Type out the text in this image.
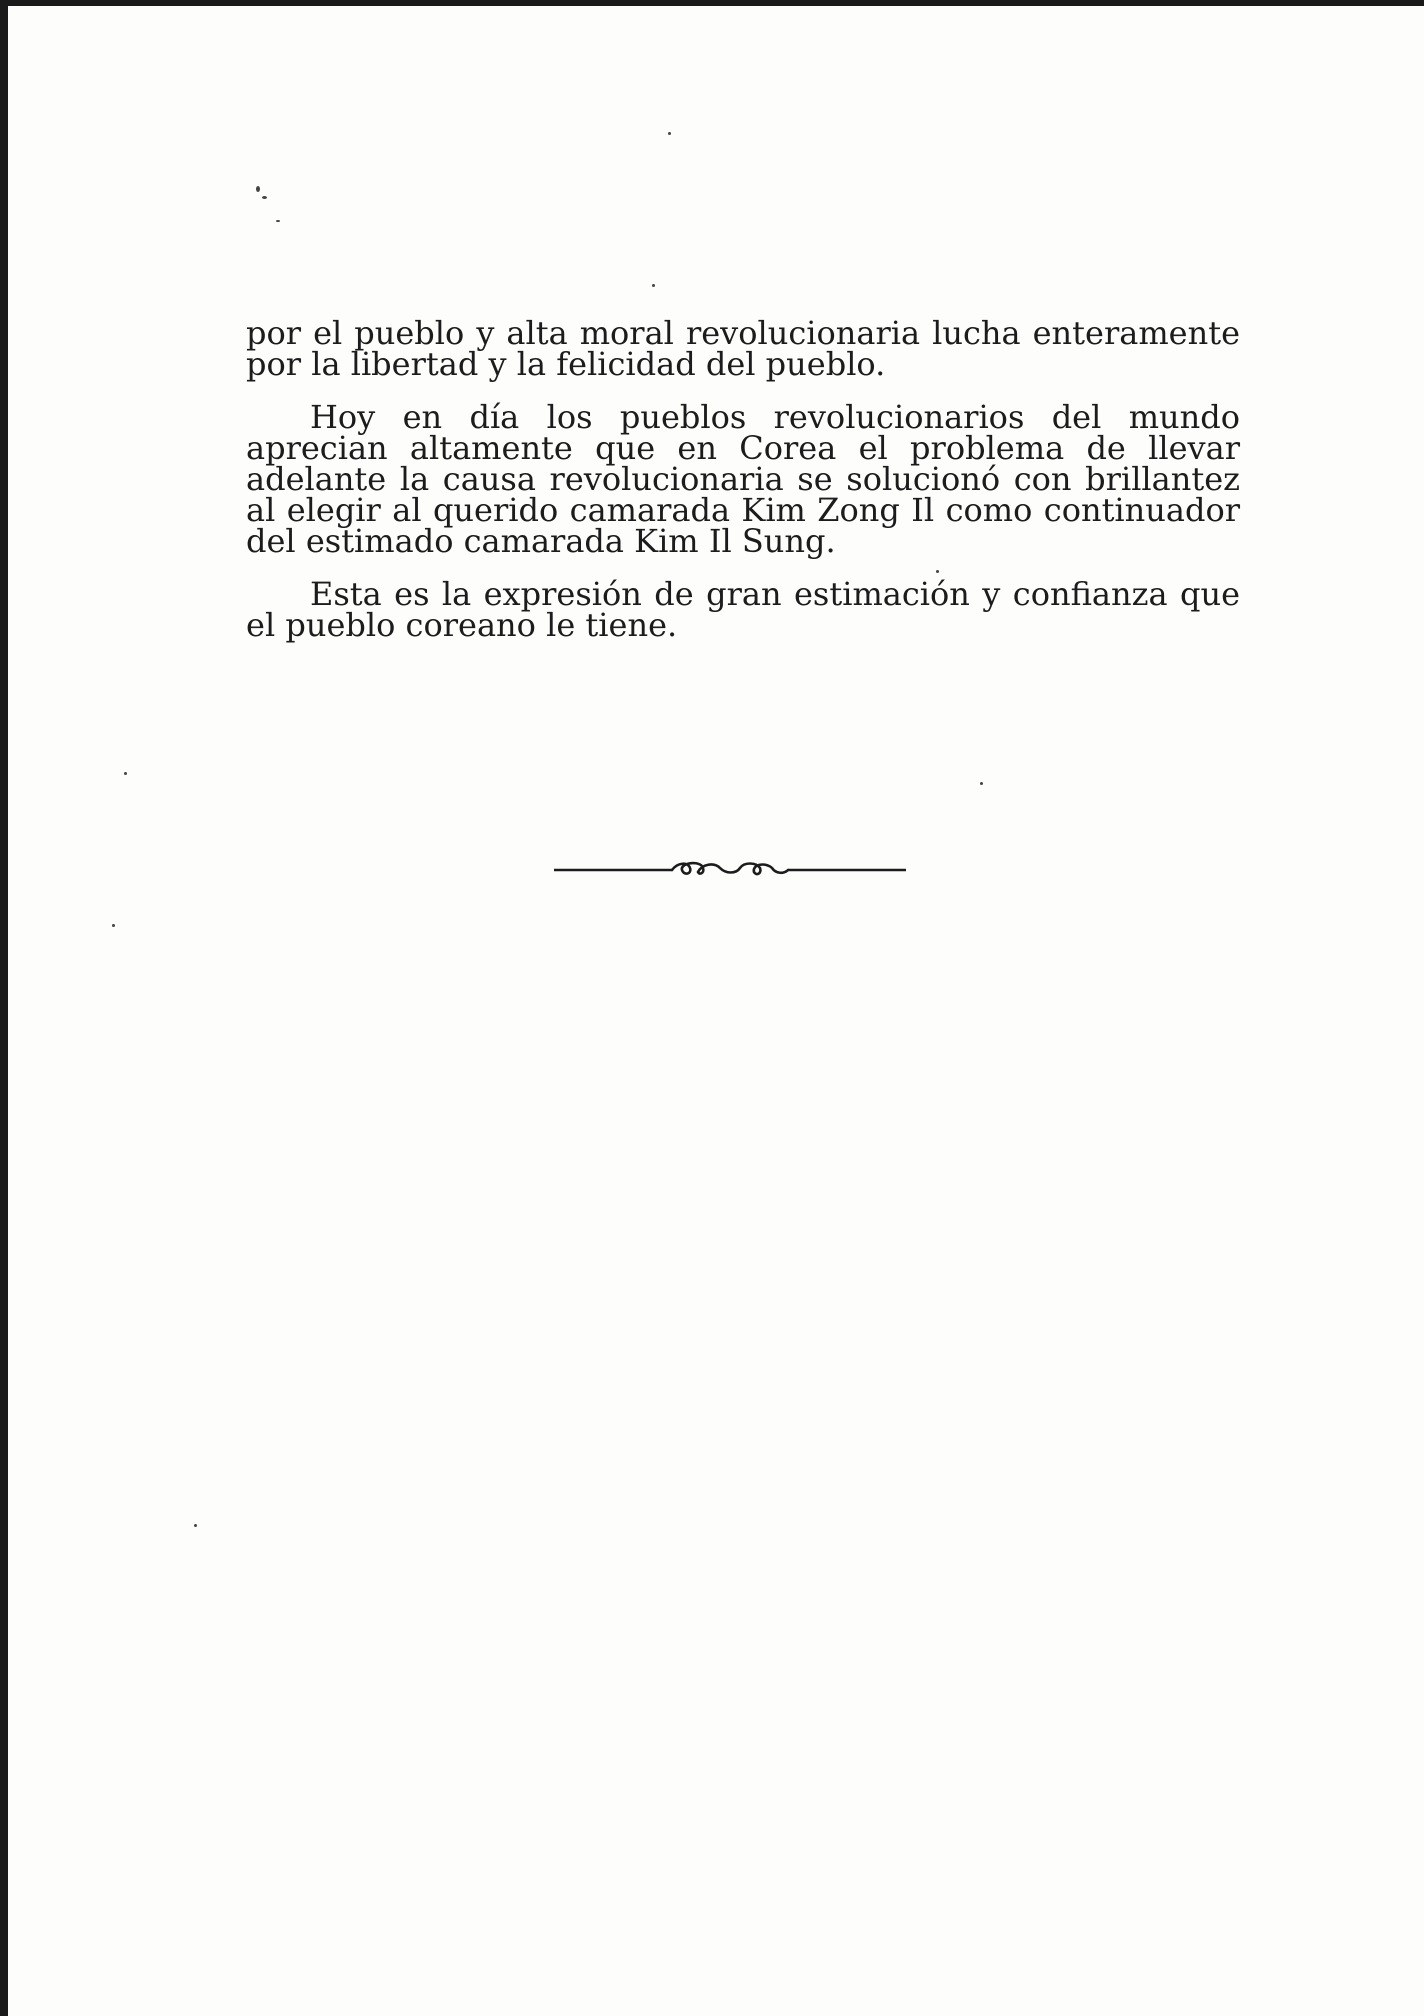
por el pueblo y alta moral revolucionaria lucha enteramente por la libertad y la felicidad del pueblo.

Hoy en día los pueblos revolucionarios del mundo aprecian altamente que en Corea el problema de llevar adelante la causa revolucionaria se solucionó con brillantez al elegir al querido camarada Kim Zong Il como continuador del estimado camarada Kim Il Sung.

Esta es la expresión de gran estimación y confianza que el pueblo coreano le tiene.
